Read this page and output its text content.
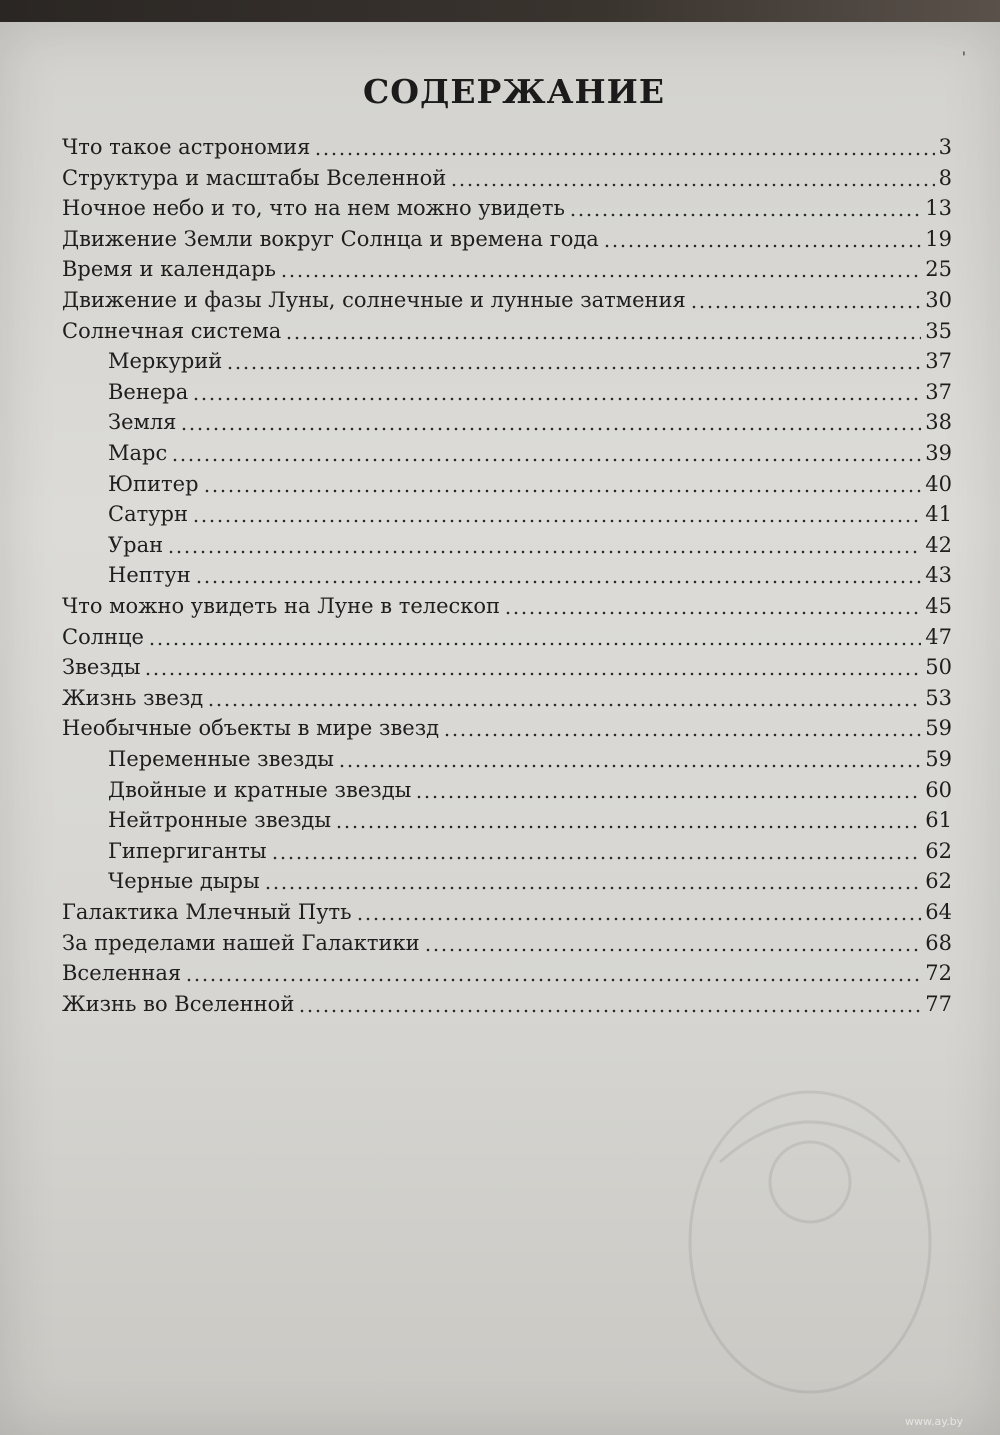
'
СОДЕРЖАНИЕ
Что такое астрономия	3
Структура и масштабы Вселенной	8
Ночное небо и то, что на нем можно увидеть	13
Движение Земли вокруг Солнца и времена года	19
Время и календарь	25
Движение и фазы Луны, солнечные и лунные затмения	30
Солнечная система	35
Меркурий	37
Венера	37
Земля	38
Марс	39
Юпитер	40
Сатурн	41
Уран	42
Нептун	43
Что можно увидеть на Луне в телескоп	45
Солнце	47
Звезды	50
Жизнь звезд	53
Необычные объекты в мире звезд	59
Переменные звезды	59
Двойные и кратные звезды	60
Нейтронные звезды	61
Гипергиганты	62
Черные дыры	62
Галактика Млечный Путь	64
За пределами нашей Галактики	68
Вселенная	72
Жизнь во Вселенной	77
www.ay.by
